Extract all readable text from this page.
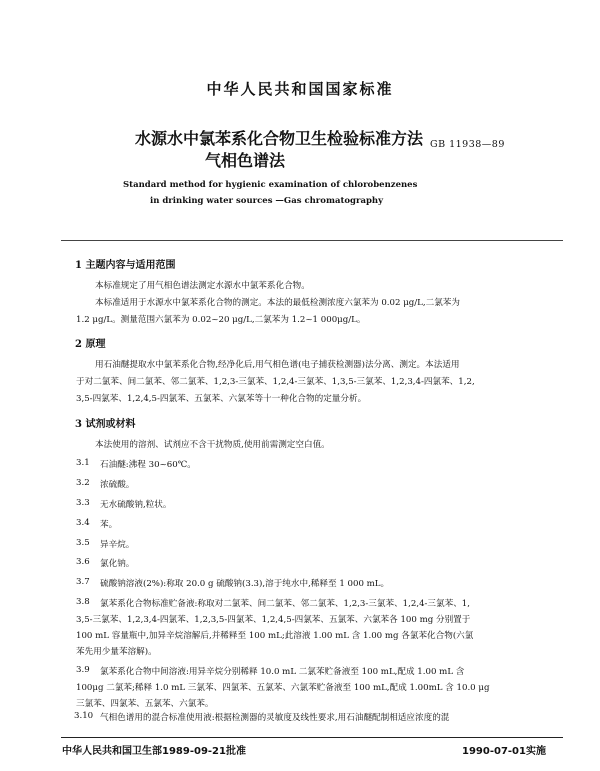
中华人民共和国国家标准
水源水中氯苯系化合物卫生检验标准方法
气相色谱法
GB 11938—89
Standard method for hygienic examination of chlorobenzenes
in drinking water sources —Gas chromatography
1 主题内容与适用范围
本标准规定了用气相色谱法测定水源水中氯苯系化合物。
本标准适用于水源水中氯苯系化合物的测定。本法的最低检测浓度六氯苯为 0.02 μg/L,二氯苯为
1.2 μg/L。测量范围六氯苯为 0.02~20 μg/L,二氯苯为 1.2~1 000μg/L。
2 原理
用石油醚提取水中氯苯系化合物,经净化后,用气相色谱(电子捕获检测器)法分离、测定。本法适用
于对二氯苯、间二氯苯、邻二氯苯、1,2,3-三氯苯、1,2,4-三氯苯、1,3,5-三氯苯、1,2,3,4-四氯苯、1,2,
3,5-四氯苯、1,2,4,5-四氯苯、五氯苯、六氯苯等十一种化合物的定量分析。
3 试剂或材料
本法使用的溶剂、试剂应不含干扰物质,使用前需测定空白值。
3.1 石油醚:沸程 30~60℃。
3.2 浓硫酸。
3.3 无水硫酸钠,粒状。
3.4 苯。
3.5 异辛烷。
3.6 氯化钠。
3.7 硫酸钠溶液(2%):称取 20.0 g 硫酸钠(3.3),溶于纯水中,稀释至 1 000 mL。
3.8 氯苯系化合物标准贮备液:称取对二氯苯、间二氯苯、邻二氯苯、1,2,3-三氯苯、1,2,4-三氯苯、1,
3,5-三氯苯、1,2,3,4-四氯苯、1,2,3,5-四氯苯、1,2,4,5-四氯苯、五氯苯、六氯苯各 100 mg 分别置于
100 mL 容量瓶中,加异辛烷溶解后,并稀释至 100 mL;此溶液 1.00 mL 含 1.00 mg 各氯苯化合物(六氯
苯先用少量苯溶解)。
3.9 氯苯系化合物中间溶液:用异辛烷分别稀释 10.0 mL 二氯苯贮备液至 100 mL,配成 1.00 mL 含
100μg 二氯苯;稀释 1.0 mL 三氯苯、四氯苯、五氯苯、六氯苯贮备液至 100 mL,配成 1.00mL 含 10.0 μg
三氯苯、四氯苯、五氯苯、六氯苯。
3.10 气相色谱用的混合标准使用液:根据检测器的灵敏度及线性要求,用石油醚配制相适应浓度的混
中华人民共和国卫生部1989-09-21批准	1990-07-01实施
